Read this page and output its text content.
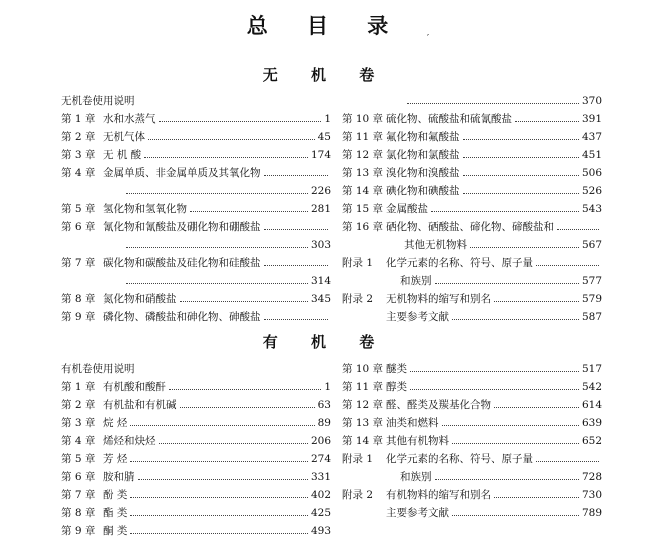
总 目 录
′
无 机 卷
无机卷使用说明
第 1 章 水和水蒸气	1
第 2 章 无机气体	45
第 3 章 无 机 酸	174
第 4 章 金属单质、非金属单质及其氧化物
226
第 5 章 氢化物和氢氧化物	281
第 6 章 氰化物和氰酸盐及硼化物和硼酸盐
303
第 7 章 碳化物和碳酸盐及硅化物和硅酸盐
314
第 8 章 氮化物和硝酸盐	345
第 9 章 磷化物、磷酸盐和砷化物、砷酸盐
370
第 10 章 硫化物、硫酸盐和硫氰酸盐	391
第 11 章 氟化物和氟酸盐	437
第 12 章 氯化物和氯酸盐	451
第 13 章 溴化物和溴酸盐	506
第 14 章 碘化物和碘酸盐	526
第 15 章 金属酸盐	543
第 16 章 硒化物、硒酸盐、碲化物、碲酸盐和
其他无机物料	567
附录 1	化学元素的名称、符号、原子量
和族别	577
附录 2	无机物料的缩写和别名	579
主要参考文献	587
有 机 卷
有机卷使用说明
第 1 章 有机酸和酸酐	1
第 2 章 有机盐和有机碱	63
第 3 章 烷 烃	89
第 4 章 烯烃和炔烃	206
第 5 章 芳 烃	274
第 6 章 胺和腈	331
第 7 章 酚 类	402
第 8 章 酯 类	425
第 9 章 酮 类	493
第 10 章 醚类	517
第 11 章 醇类	542
第 12 章 醛、醛类及羰基化合物	614
第 13 章 油类和燃料	639
第 14 章 其他有机物料	652
附录 1	化学元素的名称、符号、原子量
和族别	728
附录 2	有机物料的缩写和别名	730
主要参考文献	789
